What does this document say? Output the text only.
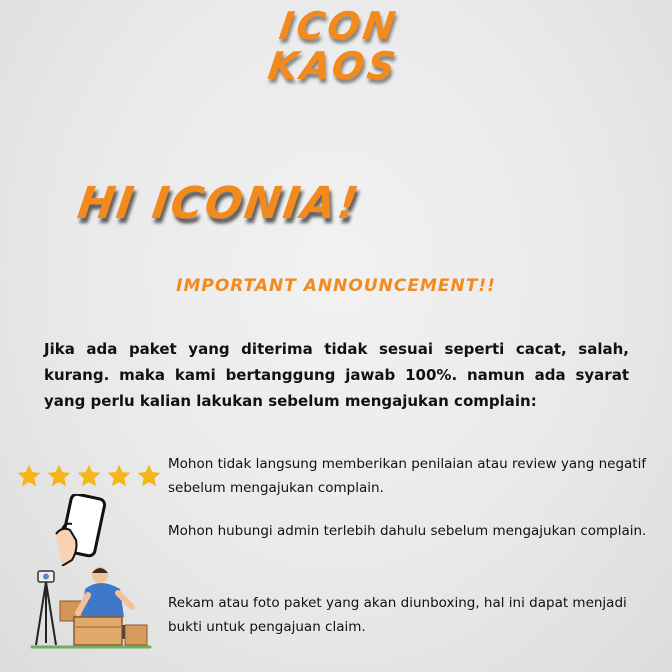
ICON
KAOS
HI ICONIA!
IMPORTANT ANNOUNCEMENT!!
Jika ada paket yang diterima tidak sesuai seperti cacat, salah, kurang. maka kami bertanggung jawab 100%. namun ada syarat yang perlu kalian lakukan sebelum mengajukan complain:
Mohon tidak langsung memberikan penilaian atau review yang negatif sebelum mengajukan complain.
Mohon hubungi admin terlebih dahulu sebelum mengajukan complain.
Rekam atau foto paket yang akan diunboxing, hal ini dapat menjadi bukti untuk pengajuan claim.
